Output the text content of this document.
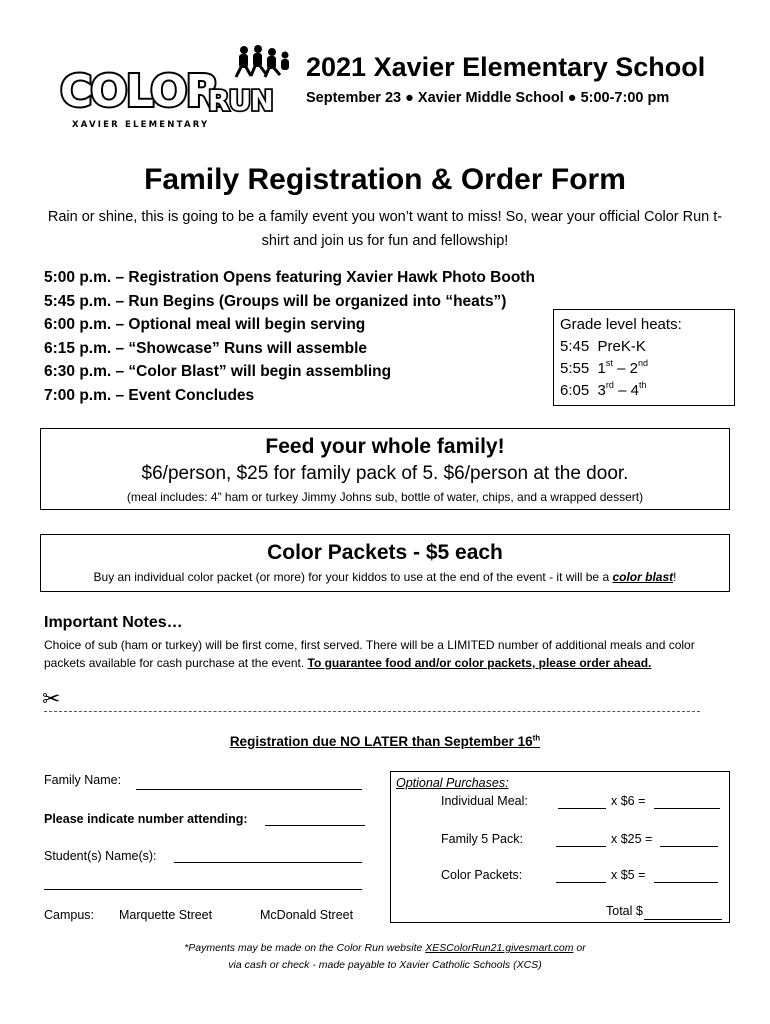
COLOR
RUN
XAVIER ELEMENTARY
2021 Xavier Elementary School
September 23 ● Xavier Middle School ● 5:00-7:00 pm
Family Registration & Order Form
Rain or shine, this is going to be a family event you won’t want to miss! So, wear your official Color Run t-shirt and join us for fun and fellowship!
5:00 p.m. – Registration Opens featuring Xavier Hawk Photo Booth
5:45 p.m. – Run Begins (Groups will be organized into “heats”)
6:00 p.m. – Optional meal will begin serving
6:15 p.m. – “Showcase” Runs will assemble
6:30 p.m. – “Color Blast” will begin assembling
7:00 p.m. – Event Concludes
Grade level heats:
5:45 PreK-K
5:55 1st – 2nd
6:05 3rd – 4th
Feed your whole family!
$6/person, $25 for family pack of 5. $6/person at the door.
(meal includes: 4” ham or turkey Jimmy Johns sub, bottle of water, chips, and a wrapped dessert)
Color Packets - $5 each
Buy an individual color packet (or more) for your kiddos to use at the end of the event - it will be a color blast!
Important Notes…
Choice of sub (ham or turkey) will be first come, first served. There will be a LIMITED number of additional meals and color packets available for cash purchase at the event. To guarantee food and/or color packets, please order ahead.
✂
Registration due NO LATER than September 16th
Family Name:
Please indicate number attending:
Student(s) Name(s):
Campus: Marquette Street	McDonald Street
Optional Purchases:
Individual Meal:	x $6 =
Family 5 Pack:	x $25 =
Color Packets:	x $5 =
Total $
*Payments may be made on the Color Run website XESColorRun21.givesmart.com or
via cash or check - made payable to Xavier Catholic Schools (XCS)
